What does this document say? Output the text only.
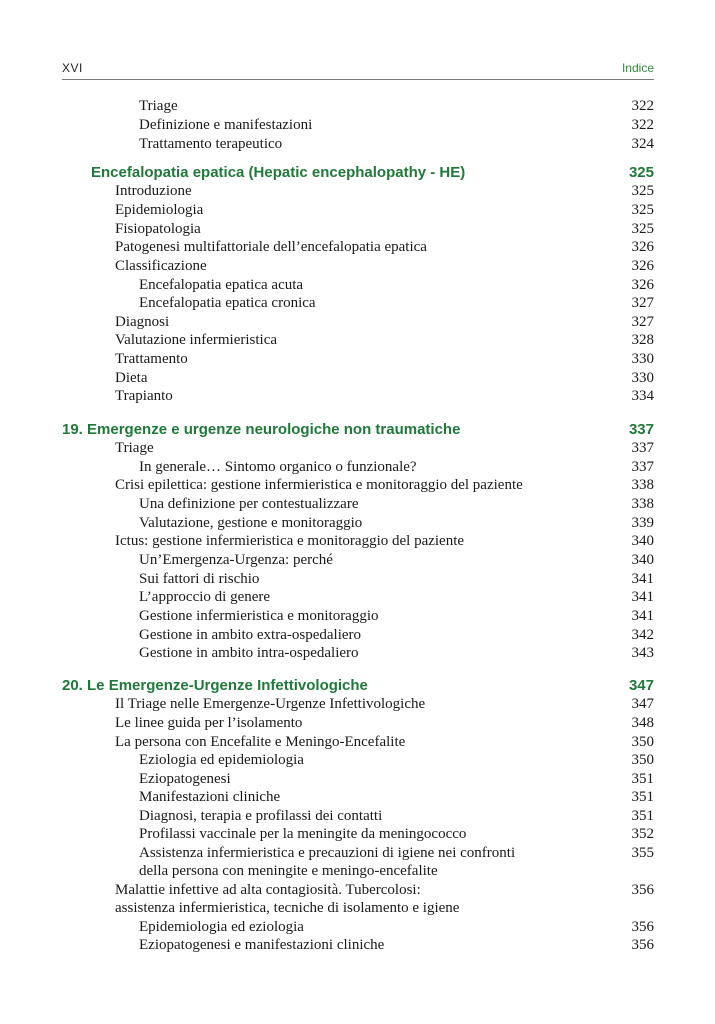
XVI	Indice
Triage	322
Definizione e manifestazioni	322
Trattamento terapeutico	324
Encefalopatia epatica (Hepatic encephalopathy - HE)	325
Introduzione	325
Epidemiologia	325
Fisiopatologia	325
Patogenesi multifattoriale dell’encefalopatia epatica	326
Classificazione	326
Encefalopatia epatica acuta	326
Encefalopatia epatica cronica	327
Diagnosi	327
Valutazione infermieristica	328
Trattamento	330
Dieta	330
Trapianto	334
19. Emergenze e urgenze neurologiche non traumatiche	337
Triage	337
In generale… Sintomo organico o funzionale?	337
Crisi epilettica: gestione infermieristica e monitoraggio del paziente	338
Una definizione per contestualizzare	338
Valutazione, gestione e monitoraggio	339
Ictus: gestione infermieristica e monitoraggio del paziente	340
Un’Emergenza-Urgenza: perché	340
Sui fattori di rischio	341
L’approccio di genere	341
Gestione infermieristica e monitoraggio	341
Gestione in ambito extra-ospedaliero	342
Gestione in ambito intra-ospedaliero	343
20. Le Emergenze-Urgenze Infettivologiche	347
Il Triage nelle Emergenze-Urgenze Infettivologiche	347
Le linee guida per l’isolamento	348
La persona con Encefalite e Meningo-Encefalite	350
Eziologia ed epidemiologia	350
Eziopatogenesi	351
Manifestazioni cliniche	351
Diagnosi, terapia e profilassi dei contatti	351
Profilassi vaccinale per la meningite da meningococco	352
Assistenza infermieristica e precauzioni di igiene nei confronti
della persona con meningite e meningo-encefalite
355
Malattie infettive ad alta contagiosità. Tubercolosi:
assistenza infermieristica, tecniche di isolamento e igiene
356
Epidemiologia ed eziologia	356
Eziopatogenesi e manifestazioni cliniche	356
